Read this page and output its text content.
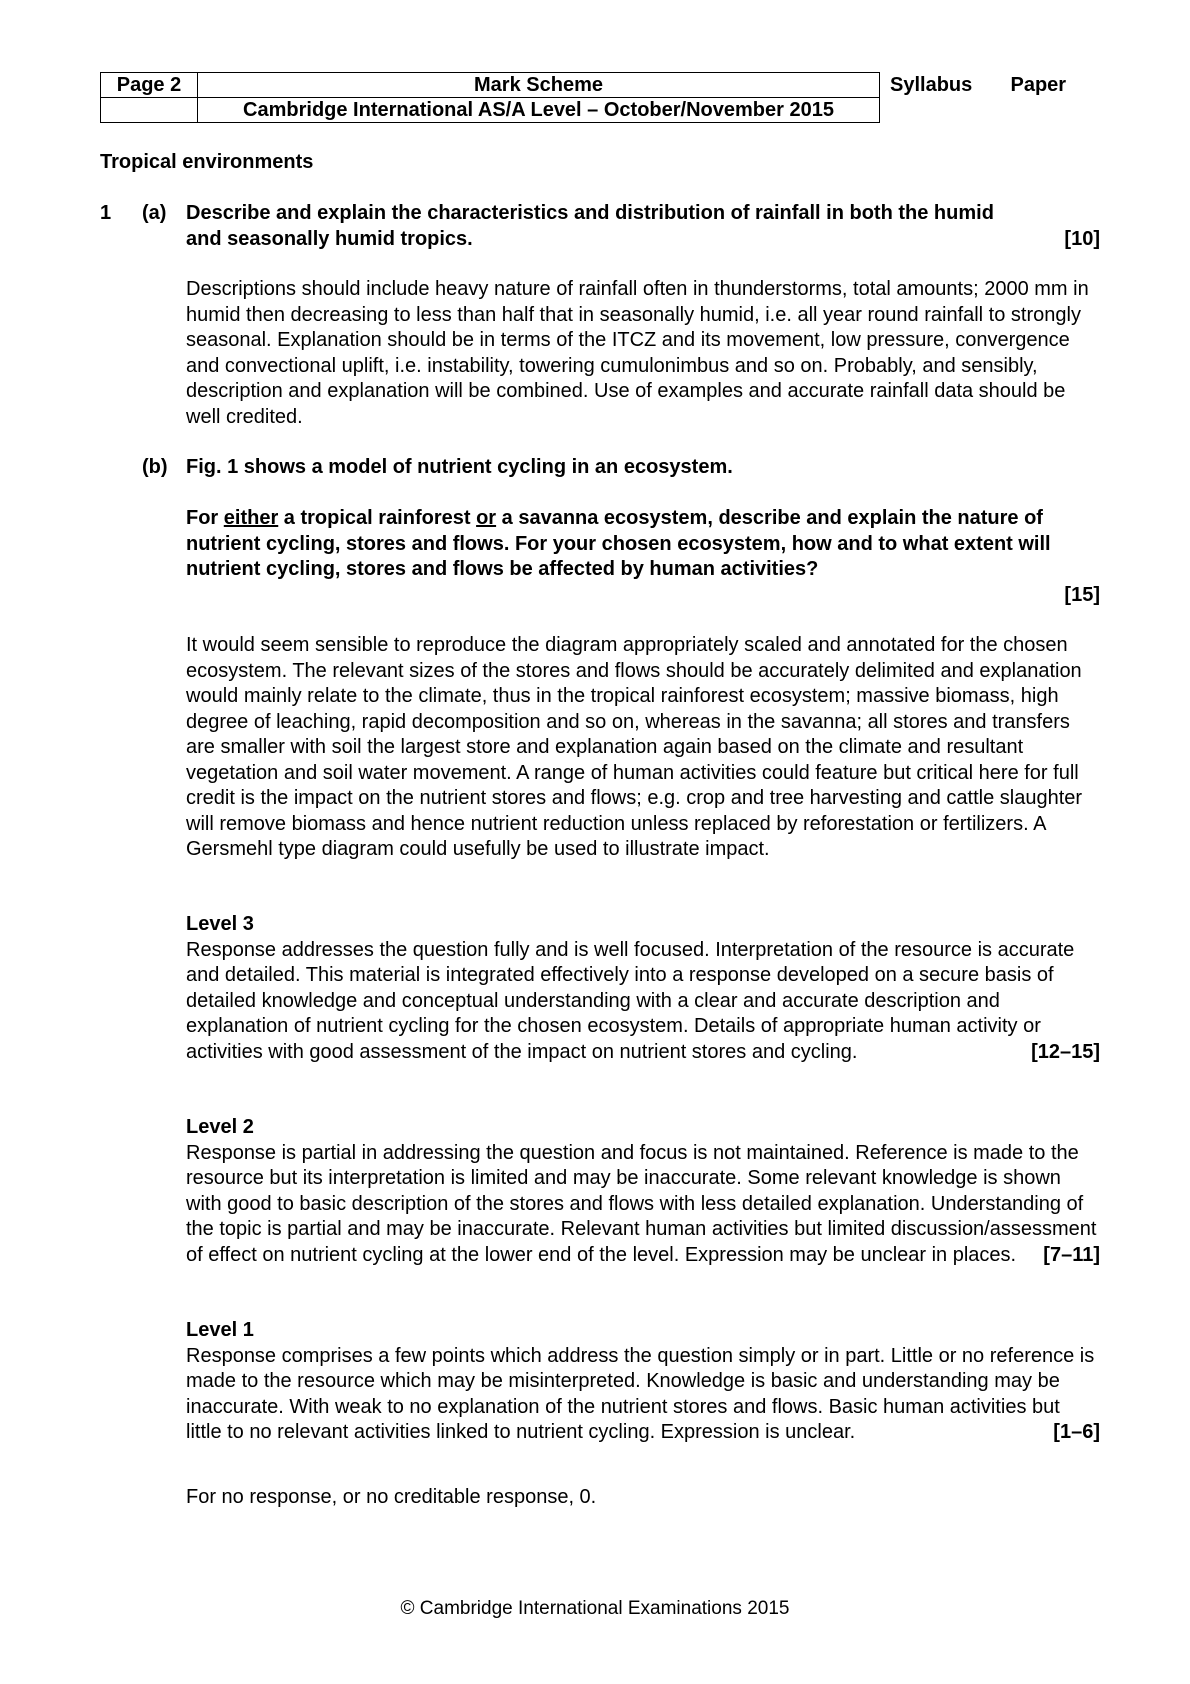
Page 2	Mark Scheme	Syllabus	Paper
	Cambridge International AS/A Level – October/November 2015		
Tropical environments
1 (a) Describe and explain the characteristics and distribution of rainfall in both the humid

[10]
and seasonally humid tropics.

Descriptions should include heavy nature of rainfall often in thunderstorms, total amounts; 2000 mm in humid then decreasing to less than half that in seasonally humid, i.e. all year round rainfall to strongly seasonal. Explanation should be in terms of the ITCZ and its movement, low pressure, convergence and convectional uplift, i.e. instability, towering cumulonimbus and so on. Probably, and sensibly, description and explanation will be combined. Use of examples and accurate rainfall data should be well credited.
(b) Fig. 1 shows a model of nutrient cycling in an ecosystem.

For either a tropical rainforest or a savanna ecosystem, describe and explain the nature of nutrient cycling, stores and flows. For your chosen ecosystem, how and to what extent will nutrient cycling, stores and flows be affected by human activities?

[15]

It would seem sensible to reproduce the diagram appropriately scaled and annotated for the chosen ecosystem. The relevant sizes of the stores and flows should be accurately delimited and explanation would mainly relate to the climate, thus in the tropical rainforest ecosystem; massive biomass, high degree of leaching, rapid decomposition and so on, whereas in the savanna; all stores and transfers are smaller with soil the largest store and explanation again based on the climate and resultant vegetation and soil water movement. A range of human activities could feature but critical here for full credit is the impact on the nutrient stores and flows; e.g. crop and tree harvesting and cattle slaughter will remove biomass and hence nutrient reduction unless replaced by reforestation or fertilizers. A Gersmehl type diagram could usefully be used to illustrate impact.

Level 3

Response addresses the question fully and is well focused. Interpretation of the resource is accurate and detailed. This material is integrated effectively into a response developed on a secure basis of detailed knowledge and conceptual understanding with a clear and accurate description and explanation of nutrient cycling for the chosen ecosystem. Details of appropriate human activity or activities with good assessment of the impact on nutrient stores and cycling.	[12–15]

Level 2

Response is partial in addressing the question and focus is not maintained. Reference is made to the resource but its interpretation is limited and may be inaccurate. Some relevant knowledge is shown with good to basic description of the stores and flows with less detailed explanation. Understanding of the topic is partial and may be inaccurate. Relevant human activities but limited discussion/assessment of effect on nutrient cycling at the lower end of the level. Expression may be unclear in places. [7–11]

Level 1

Response comprises a few points which address the question simply or in part. Little or no reference is made to the resource which may be misinterpreted. Knowledge is basic and understanding may be inaccurate. With weak to no explanation of the nutrient stores and flows. Basic human activities but little to no relevant activities linked to nutrient cycling. Expression is unclear.	[1–6]

For no response, or no creditable response, 0.
© Cambridge International Examinations 2015
